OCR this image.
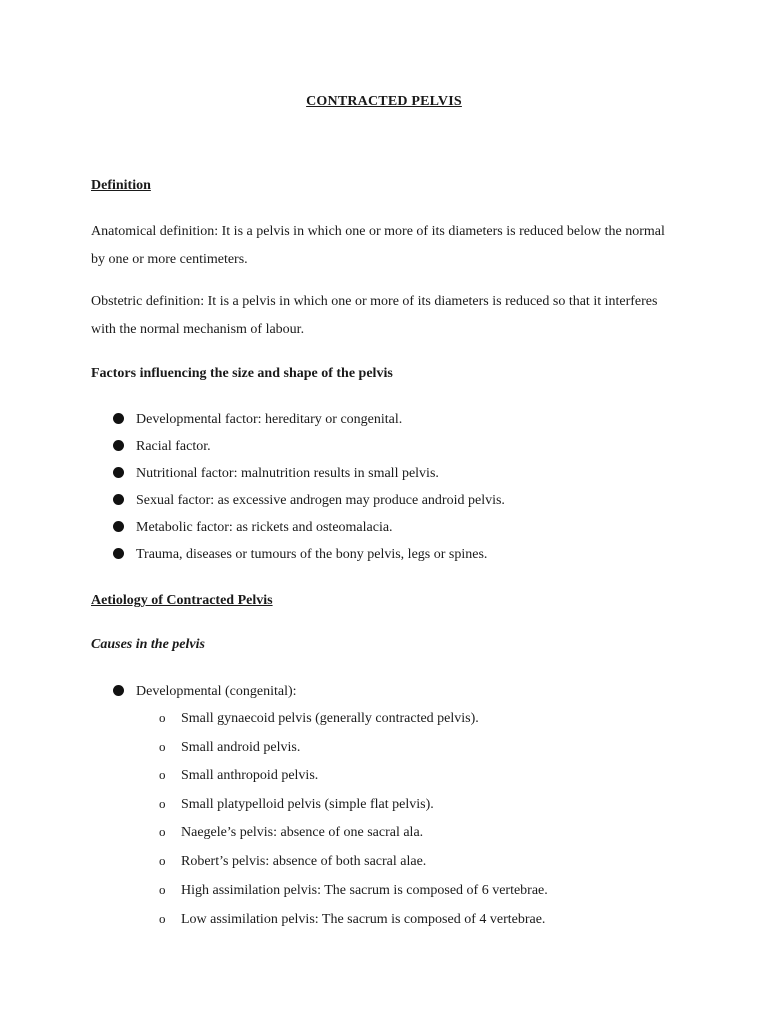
CONTRACTED PELVIS
Definition
Anatomical definition: It is a pelvis in which one or more of its diameters is reduced below the normal by one or more centimeters.
Obstetric definition: It is a pelvis in which one or more of its diameters is reduced so that it interferes with the normal mechanism of labour.
Factors influencing the size and shape of the pelvis
Developmental factor: hereditary or congenital.
Racial factor.
Nutritional factor: malnutrition results in small pelvis.
Sexual factor: as excessive androgen may produce android pelvis.
Metabolic factor: as rickets and osteomalacia.
Trauma, diseases or tumours of the bony pelvis, legs or spines.
Aetiology of Contracted Pelvis
Causes in the pelvis
Developmental (congenital):
o Small gynaecoid pelvis (generally contracted pelvis).
o Small android pelvis.
o Small anthropoid pelvis.
o Small platypelloid pelvis (simple flat pelvis).
o Naegele’s pelvis: absence of one sacral ala.
o Robert’s pelvis: absence of both sacral alae.
o High assimilation pelvis: The sacrum is composed of 6 vertebrae.
o Low assimilation pelvis: The sacrum is composed of 4 vertebrae.
